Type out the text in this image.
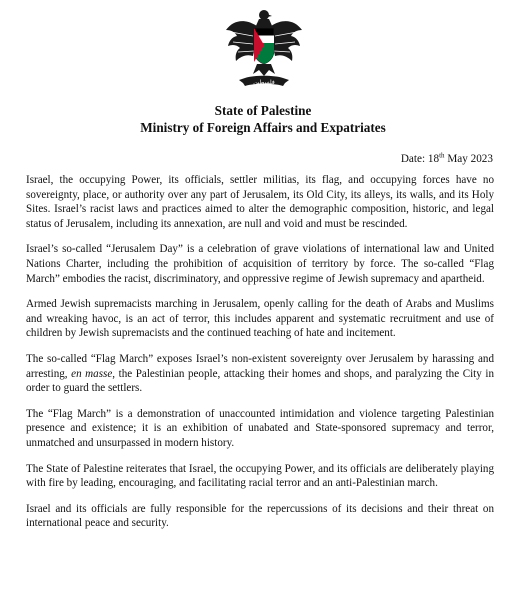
فلسطين
State of Palestine
Ministry of Foreign Affairs and Expatriates
Date: 18th May 2023

Israel, the occupying Power, its officials, settler militias, its flag, and occupying forces have no sovereignty, place, or authority over any part of Jerusalem, its Old City, its alleys, its walls, and its Holy Sites. Israel’s racist laws and practices aimed to alter the demographic composition, historic, and legal status of Jerusalem, including its annexation, are null and void and must be rescinded.

Israel’s so-called “Jerusalem Day” is a celebration of grave violations of international law and United Nations Charter, including the prohibition of acquisition of territory by force. The so-called “Flag March” embodies the racist, discriminatory, and oppressive regime of Jewish supremacy and apartheid.

Armed Jewish supremacists marching in Jerusalem, openly calling for the death of Arabs and Muslims and wreaking havoc, is an act of terror, this includes apparent and systematic recruitment and use of children by Jewish supremacists and the continued teaching of hate and incitement.

The so-called “Flag March” exposes Israel’s non-existent sovereignty over Jerusalem by harassing and arresting, en masse, the Palestinian people, attacking their homes and shops, and paralyzing the City in order to guard the settlers.

The “Flag March” is a demonstration of unaccounted intimidation and violence targeting Palestinian presence and existence; it is an exhibition of unabated and State-sponsored supremacy and terror, unmatched and unsurpassed in modern history.

The State of Palestine reiterates that Israel, the occupying Power, and its officials are deliberately playing with fire by leading, encouraging, and facilitating racial terror and an anti-Palestinian march.

Israel and its officials are fully responsible for the repercussions of its decisions and their threat on international peace and security.
